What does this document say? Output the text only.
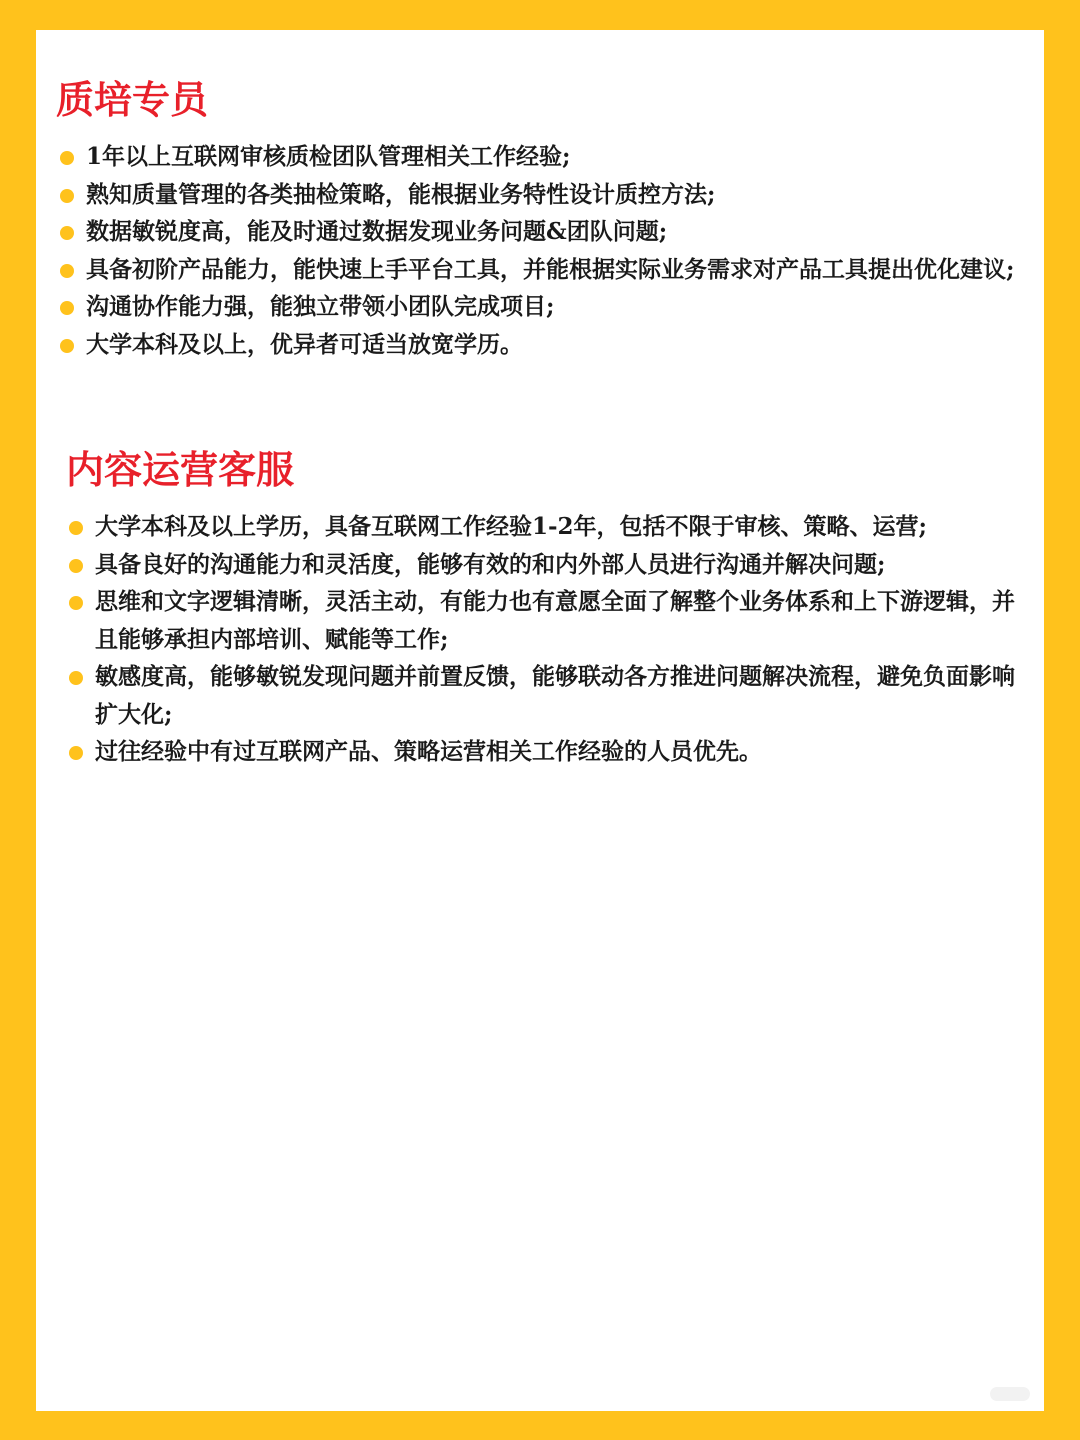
质培专员
1年以上互联网审核质检团队管理相关工作经验;
熟知质量管理的各类抽检策略，能根据业务特性设计质控方法;
数据敏锐度高，能及时通过数据发现业务问题&团队问题;
具备初阶产品能力，能快速上手平台工具，并能根据实际业务需求对产品工具提出优化建议;
沟通协作能力强，能独立带领小团队完成项目;
大学本科及以上，优异者可适当放宽学历。
内容运营客服
大学本科及以上学历，具备互联网工作经验1-2年，包括不限于审核、策略、运营;
具备良好的沟通能力和灵活度，能够有效的和内外部人员进行沟通并解决问题;
思维和文字逻辑清晰，灵活主动，有能力也有意愿全面了解整个业务体系和上下游逻辑，并且能够承担内部培训、赋能等工作;
敏感度高，能够敏锐发现问题并前置反馈，能够联动各方推进问题解决流程，避免负面影响扩大化;
过往经验中有过互联网产品、策略运营相关工作经验的人员优先。
